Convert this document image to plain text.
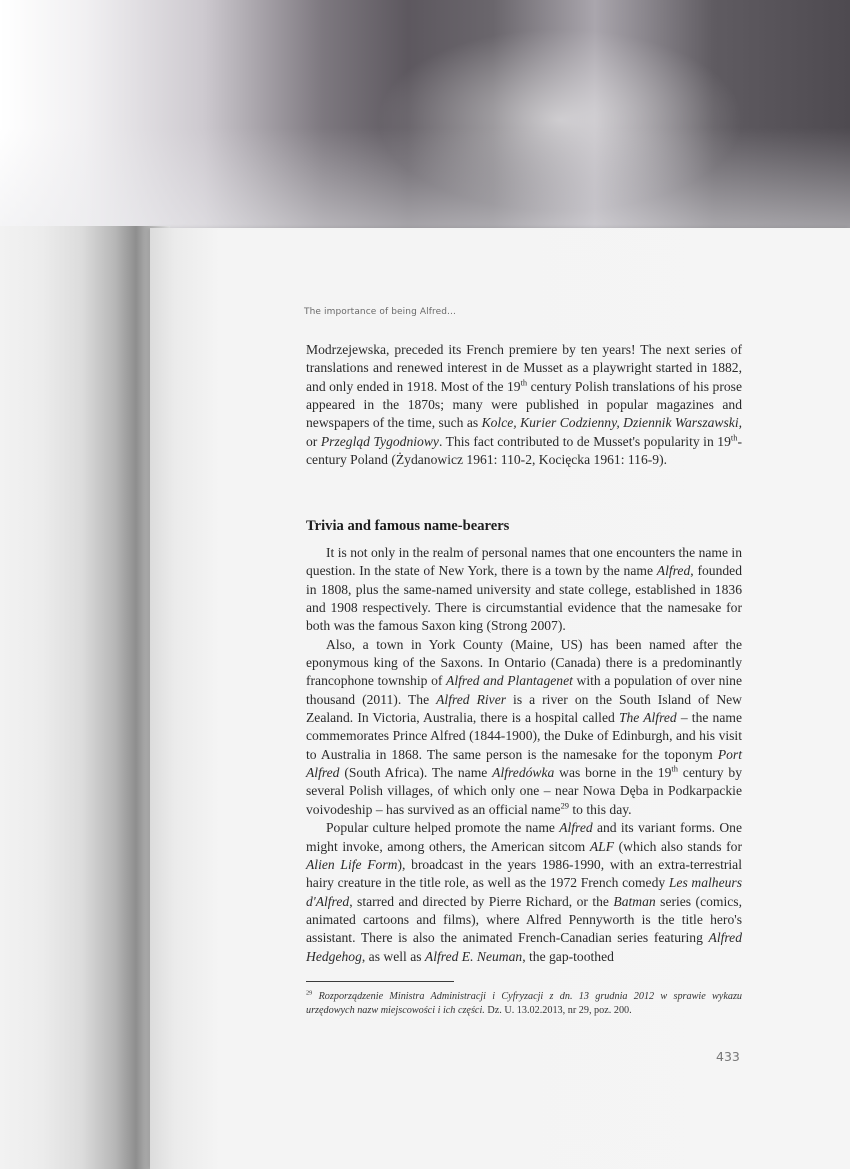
The importance of being Alfred...

Modrzejewska, preceded its French premiere by ten years! The next series of translations and renewed interest in de Musset as a playwright started in 1882, and only ended in 1918. Most of the 19th century Polish translations of his prose appeared in the 1870s; many were published in popular magazines and newspapers of the time, such as Kolce, Kurier Codzienny, Dziennik Warszawski, or Przegląd Tygodniowy. This fact contributed to de Musset's popularity in 19th-century Poland (Żydanowicz 1961: 110-2, Kocięcka 1961: 116-9).

Trivia and famous name-bearers

It is not only in the realm of personal names that one encounters the name in question. In the state of New York, there is a town by the name Alfred, founded in 1808, plus the same-named university and state college, established in 1836 and 1908 respectively. There is circumstantial evidence that the namesake for both was the famous Saxon king (Strong 2007).

Also, a town in York County (Maine, US) has been named after the eponymous king of the Saxons. In Ontario (Canada) there is a predominantly francophone township of Alfred and Plantagenet with a population of over nine thousand (2011). The Alfred River is a river on the South Island of New Zealand. In Victoria, Australia, there is a hospital called The Alfred – the name commemorates Prince Alfred (1844-1900), the Duke of Edinburgh, and his visit to Australia in 1868. The same person is the namesake for the toponym Port Alfred (South Africa). The name Alfredówka was borne in the 19th century by several Polish villages, of which only one – near Nowa Dęba in Podkarpackie voivodeship – has survived as an official name$^{29}$ to this day.

Popular culture helped promote the name Alfred and its variant forms. One might invoke, among others, the American sitcom ALF (which also stands for Alien Life Form), broadcast in the years 1986-1990, with an extra-terrestrial hairy creature in the title role, as well as the 1972 French comedy Les malheurs d'Alfred, starred and directed by Pierre Richard, or the Batman series (comics, animated cartoons and films), where Alfred Pennyworth is the title hero's assistant. There is also the animated French-Canadian series featuring Alfred Hedgehog, as well as Alfred E. Neuman, the gap-toothed

$^{29}$ Rozporządzenie Ministra Administracji i Cyfryzacji z dn. 13 grudnia 2012 w sprawie wykazu urzędowych nazw miejscowości i ich części. Dz. U. 13.02.2013, nr 29, poz. 200.
433
